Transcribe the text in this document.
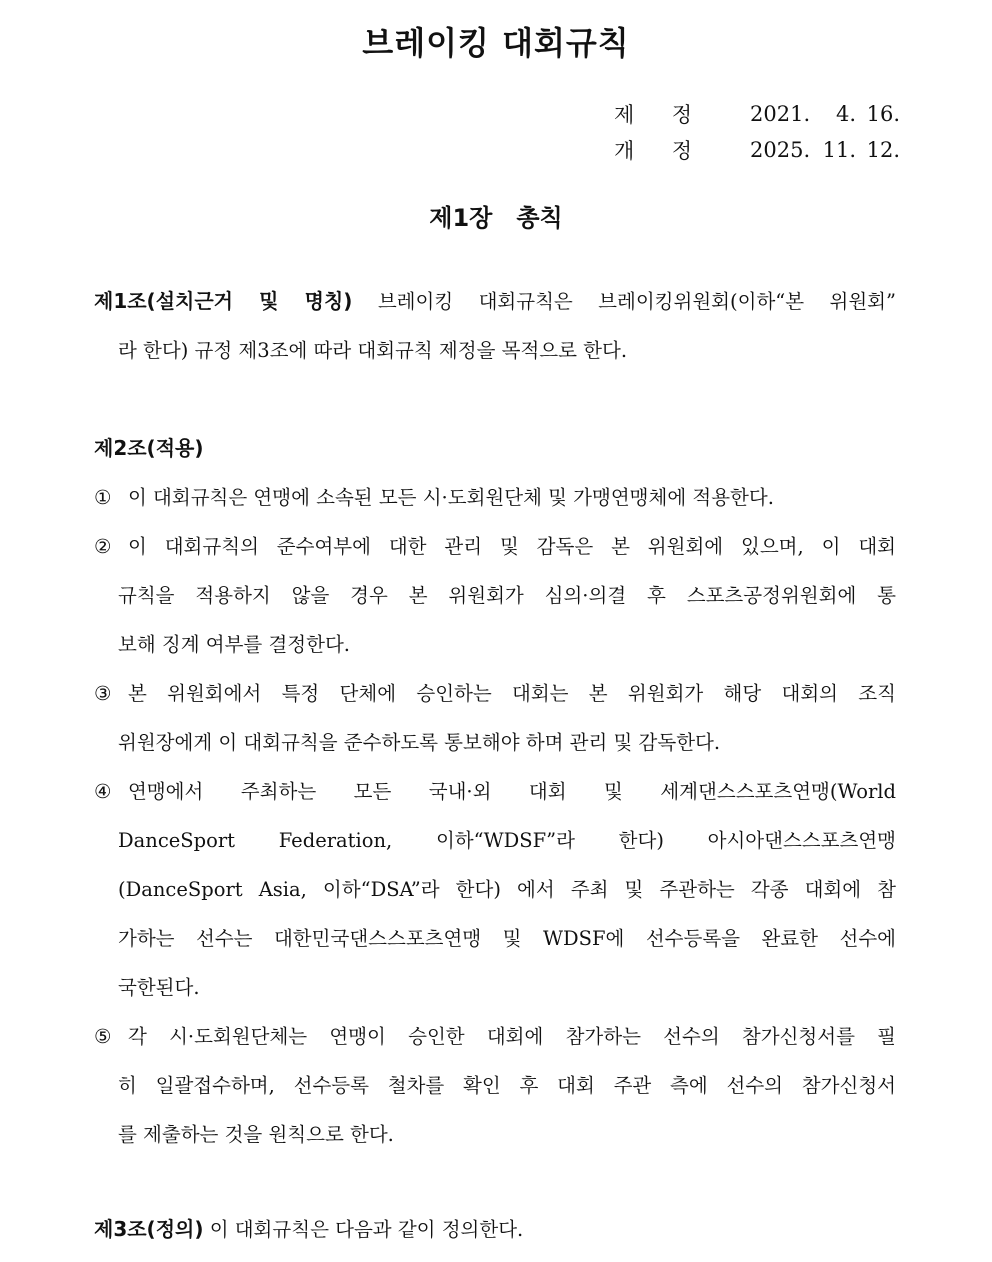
브레이킹 대회규칙
제 정	2021.	4. 16.
개 정	2025. 11. 12.
제1장 총칙
제1조(설치근거 및 명칭) 브레이킹 대회규칙은 브레이킹위원회(이하“본 위원회”
라 한다) 규정 제3조에 따라 대회규칙 제정을 목적으로 한다.
제2조(적용)
① 이 대회규칙은 연맹에 소속된 모든 시·도회원단체 및 가맹연맹체에 적용한다.
② 이 대회규칙의 준수여부에 대한 관리 및 감독은 본 위원회에 있으며, 이 대회
규칙을 적용하지 않을 경우 본 위원회가 심의·의결 후 스포츠공정위원회에 통
보해 징계 여부를 결정한다.
③ 본 위원회에서 특정 단체에 승인하는 대회는 본 위원회가 해당 대회의 조직
위원장에게 이 대회규칙을 준수하도록 통보해야 하며 관리 및 감독한다.
④ 연맹에서 주최하는 모든 국내·외 대회 및 세계댄스스포츠연맹(World
DanceSport Federation, 이하“WDSF”라 한다) 아시아댄스스포츠연맹
(DanceSport Asia, 이하“DSA”라 한다) 에서 주최 및 주관하는 각종 대회에 참
가하는 선수는 대한민국댄스스포츠연맹 및 WDSF에 선수등록을 완료한 선수에
국한된다.
⑤ 각 시·도회원단체는 연맹이 승인한 대회에 참가하는 선수의 참가신청서를 필
히 일괄접수하며, 선수등록 철차를 확인 후 대회 주관 측에 선수의 참가신청서
를 제출하는 것을 원칙으로 한다.
제3조(정의) 이 대회규칙은 다음과 같이 정의한다.
